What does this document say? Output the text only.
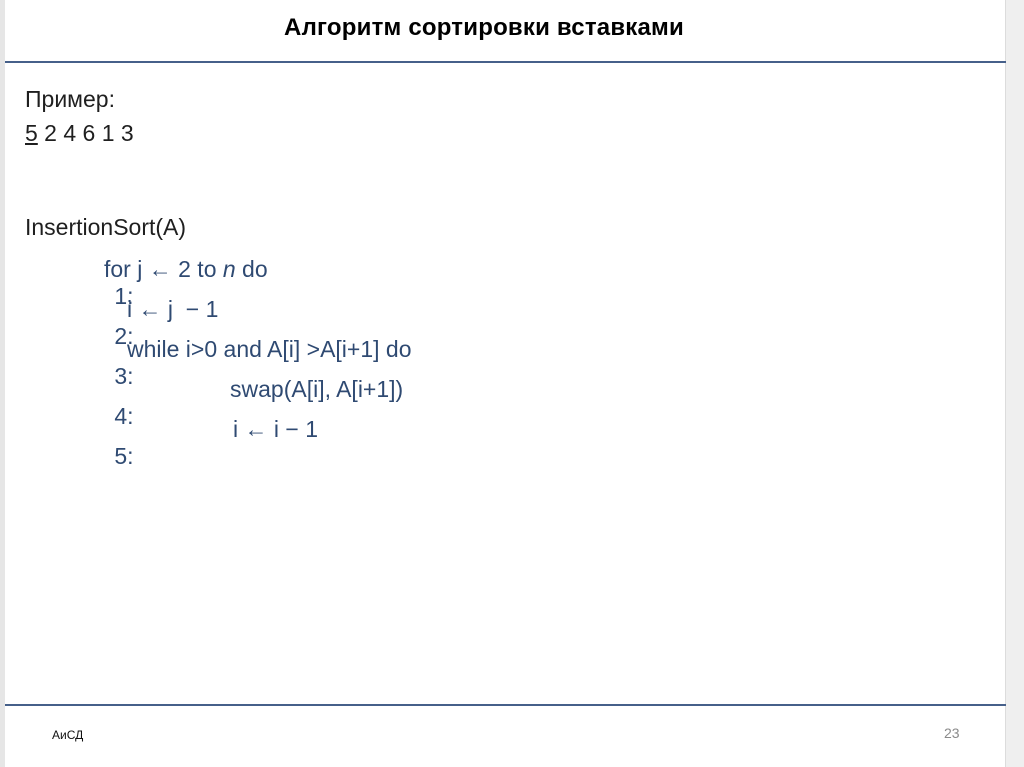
Алгоритм сортировки вставками
Пример:
5 2 4 6 1 3
InsertionSort(A)

1:

for j ← 2 to n do

2:

i ← j  − 1

3:

while i>0 and A[i] >A[i+1] do

4:

swap(A[i], A[i+1])

5:

i ← i − 1

АиСД	23
